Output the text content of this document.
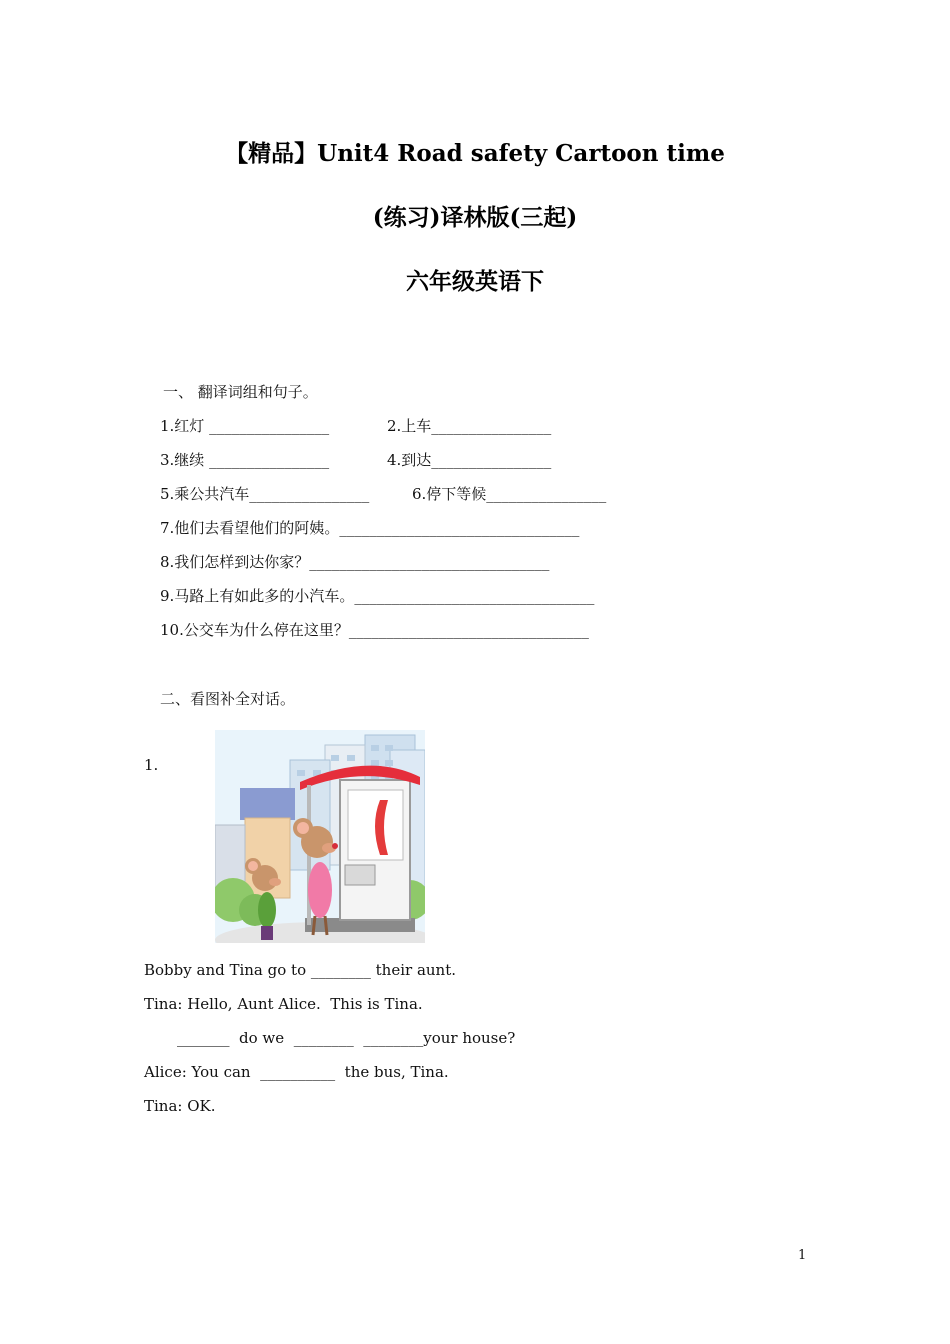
【精品】Unit4 Road safety Cartoon time
(练习)译林版(三起)
六年级英语下
一、 翻译词组和句子。
1.红灯 ________________	2.上车________________
3.继续 ________________	4.到达________________
5.乘公共汽车________________	6.停下等候________________
7.他们去看望他们的阿姨。________________________________
8.我们怎样到达你家？________________________________
9.马路上有如此多的小汽车。________________________________
10.公交车为什么停在这里？________________________________
二、看图补全对话。
1.
Bobby and Tina go to ________ their aunt.
Tina: Hello, Aunt Alice.  This is Tina.
_______  do we  ________  ________your house?
Alice: You can  __________  the bus, Tina.
Tina: OK.
1
